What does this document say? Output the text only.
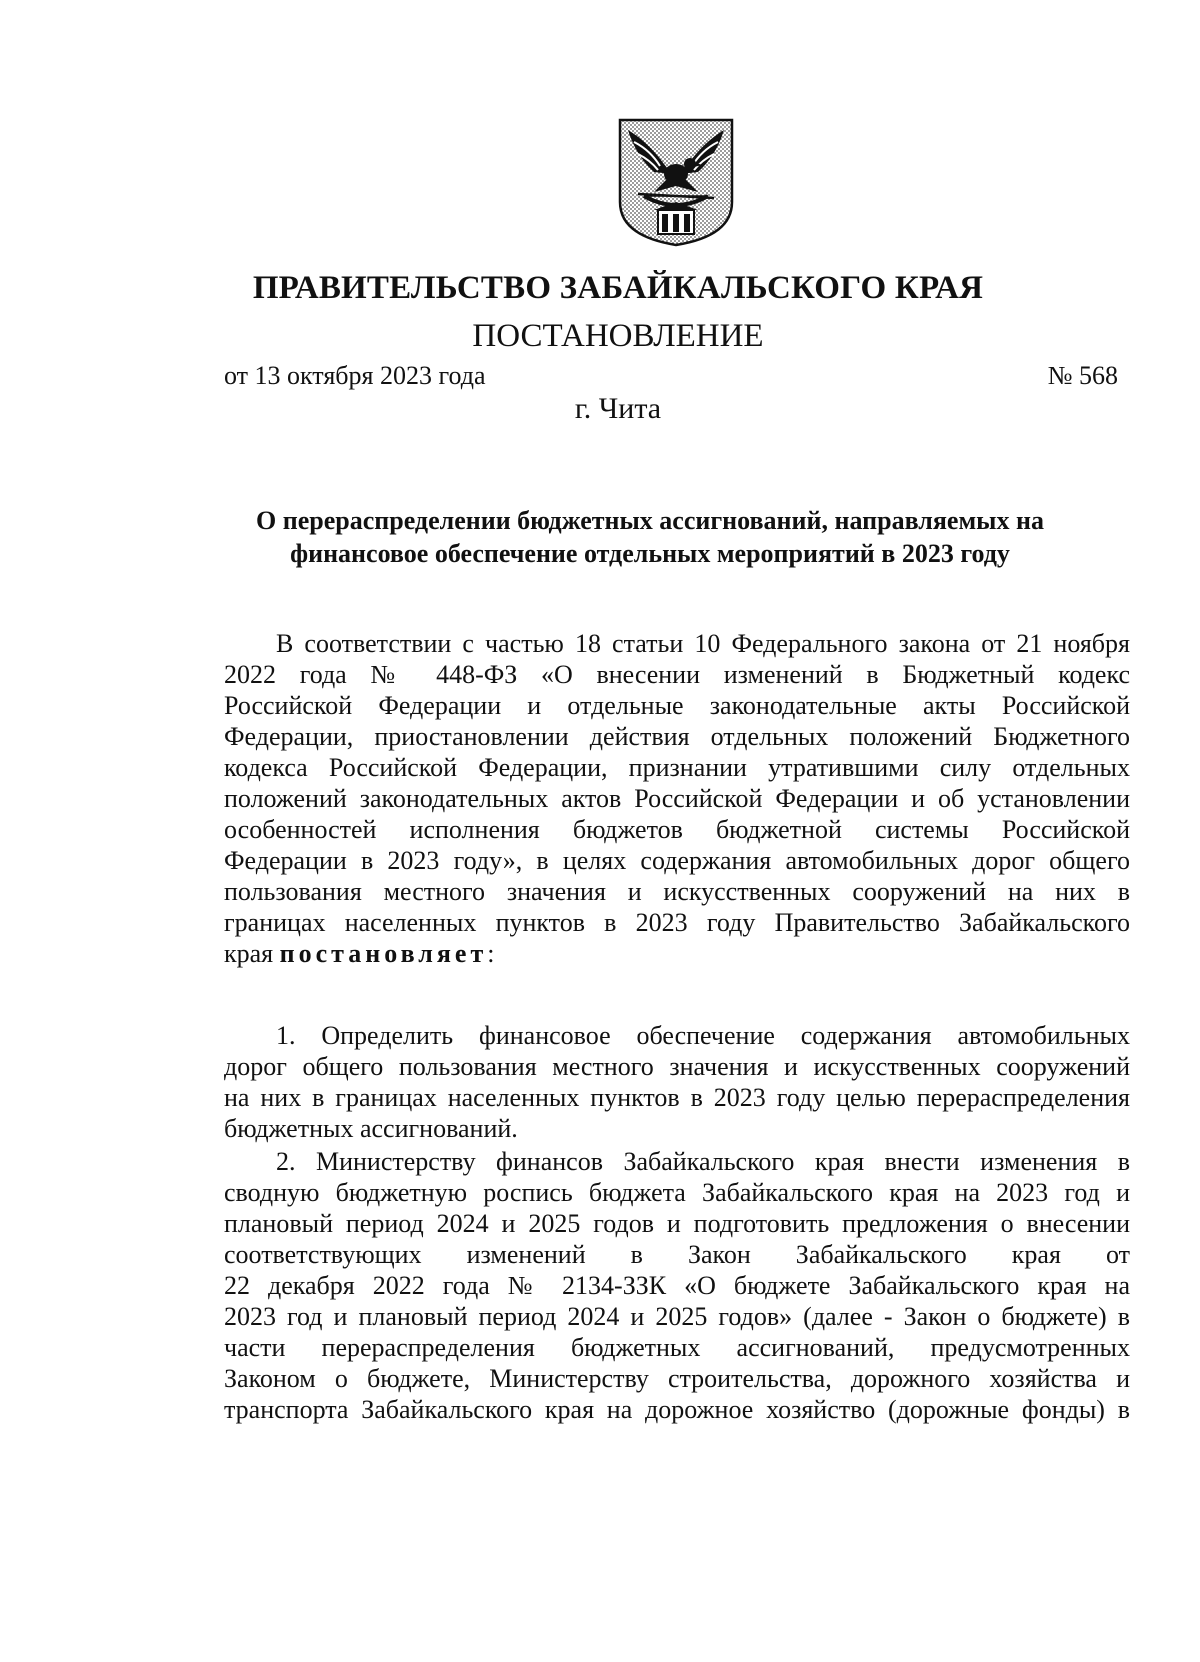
ПРАВИТЕЛЬСТВО ЗАБАЙКАЛЬСКОГО КРАЯ
ПОСТАНОВЛЕНИЕ
от 13 октября 2023 года	№ 568
г. Чита
О перераспределении бюджетных ассигнований, направляемых на
финансовое обеспечение отдельных мероприятий в 2023 году
В соответствии с частью 18 статьи 10 Федерального закона от 21 ноября
2022 года № 448-ФЗ «О внесении изменений в Бюджетный кодекс
Российской Федерации и отдельные законодательные акты Российской
Федерации, приостановлении действия отдельных положений Бюджетного
кодекса Российской Федерации, признании утратившими силу отдельных
положений законодательных актов Российской Федерации и об установлении
особенностей исполнения бюджетов бюджетной системы Российской
Федерации в 2023 году», в целях содержания автомобильных дорог общего
пользования местного значения и искусственных сооружений на них в
границах населенных пунктов в 2023 году Правительство Забайкальского
края постановляет:
1. Определить финансовое обеспечение содержания автомобильных
дорог общего пользования местного значения и искусственных сооружений
на них в границах населенных пунктов в 2023 году целью перераспределения
бюджетных ассигнований.
2. Министерству финансов Забайкальского края внести изменения в
сводную бюджетную роспись бюджета Забайкальского края на 2023 год и
плановый период 2024 и 2025 годов и подготовить предложения о внесении
соответствующих изменений в Закон Забайкальского края от
22 декабря 2022 года № 2134-ЗЗК «О бюджете Забайкальского края на
2023 год и плановый период 2024 и 2025 годов» (далее - Закон о бюджете) в
части перераспределения бюджетных ассигнований, предусмотренных
Законом о бюджете, Министерству строительства, дорожного хозяйства и
транспорта Забайкальского края на дорожное хозяйство (дорожные фонды) в
